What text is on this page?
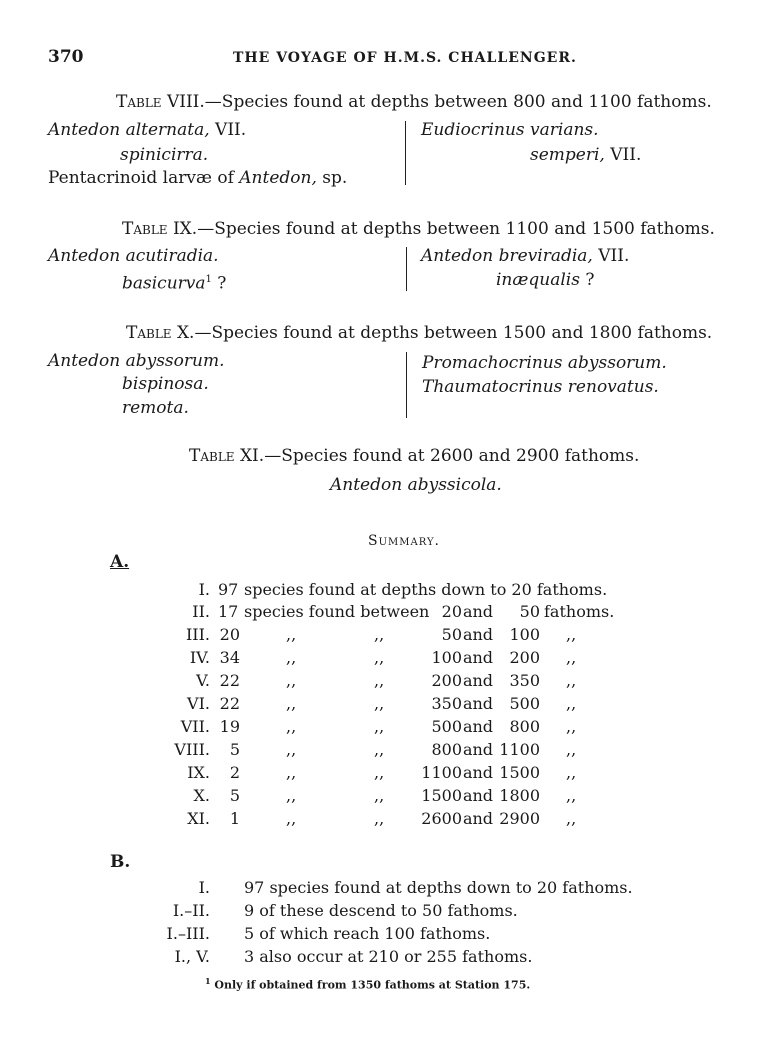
370	THE VOYAGE OF H.M.S. CHALLENGER.
Table VIII.—Species found at depths between 800 and 1100 fathoms.
Antedon alternata, VII.
spinicirra.
Pentacrinoid larvæ of Antedon, sp.
Eudiocrinus varians.
semperi, VII.
Table IX.—Species found at depths between 1100 and 1500 fathoms.
Antedon acutiradia.
basicurva$^1$ ?
Antedon breviradia, VII.
inæqualis ?
Table X.—Species found at depths between 1500 and 1800 fathoms.
Antedon abyssorum.
bispinosa.
remota.
Promachocrinus abyssorum.
Thaumatocrinus renovatus.
Table XI.—Species found at 2600 and 2900 fathoms.
Antedon abyssicola.
Summary.
A.
I. 97 species found at depths down to 20 fathoms.
II. 17 species found between 20 and	50 fathoms.
III. 20	,,	,,	50 and	100 ,,
IV. 34	,,	,,	100 and	200 ,,
V. 22	,,	,,	200 and	350 ,,
VI. 22	,,	,,	350 and	500 ,,
VII. 19	,,	,,	500 and	800 ,,
VIII.	5	,,	,,	800 and 1100 ,,
IX.	2	,,	,,	1100 and 1500 ,,
X.	5	,,	,,	1500 and 1800 ,,
XI.	1	,,	,,	2600 and 2900 ,,
B.
I. 97 species found at depths down to 20 fathoms.
I.–II. 9 of these descend to 50 fathoms.
I.–III. 5 of which reach 100 fathoms.
I., V. 3 also occur at 210 or 255 fathoms.
$^1$ Only if obtained from 1350 fathoms at Station 175.
